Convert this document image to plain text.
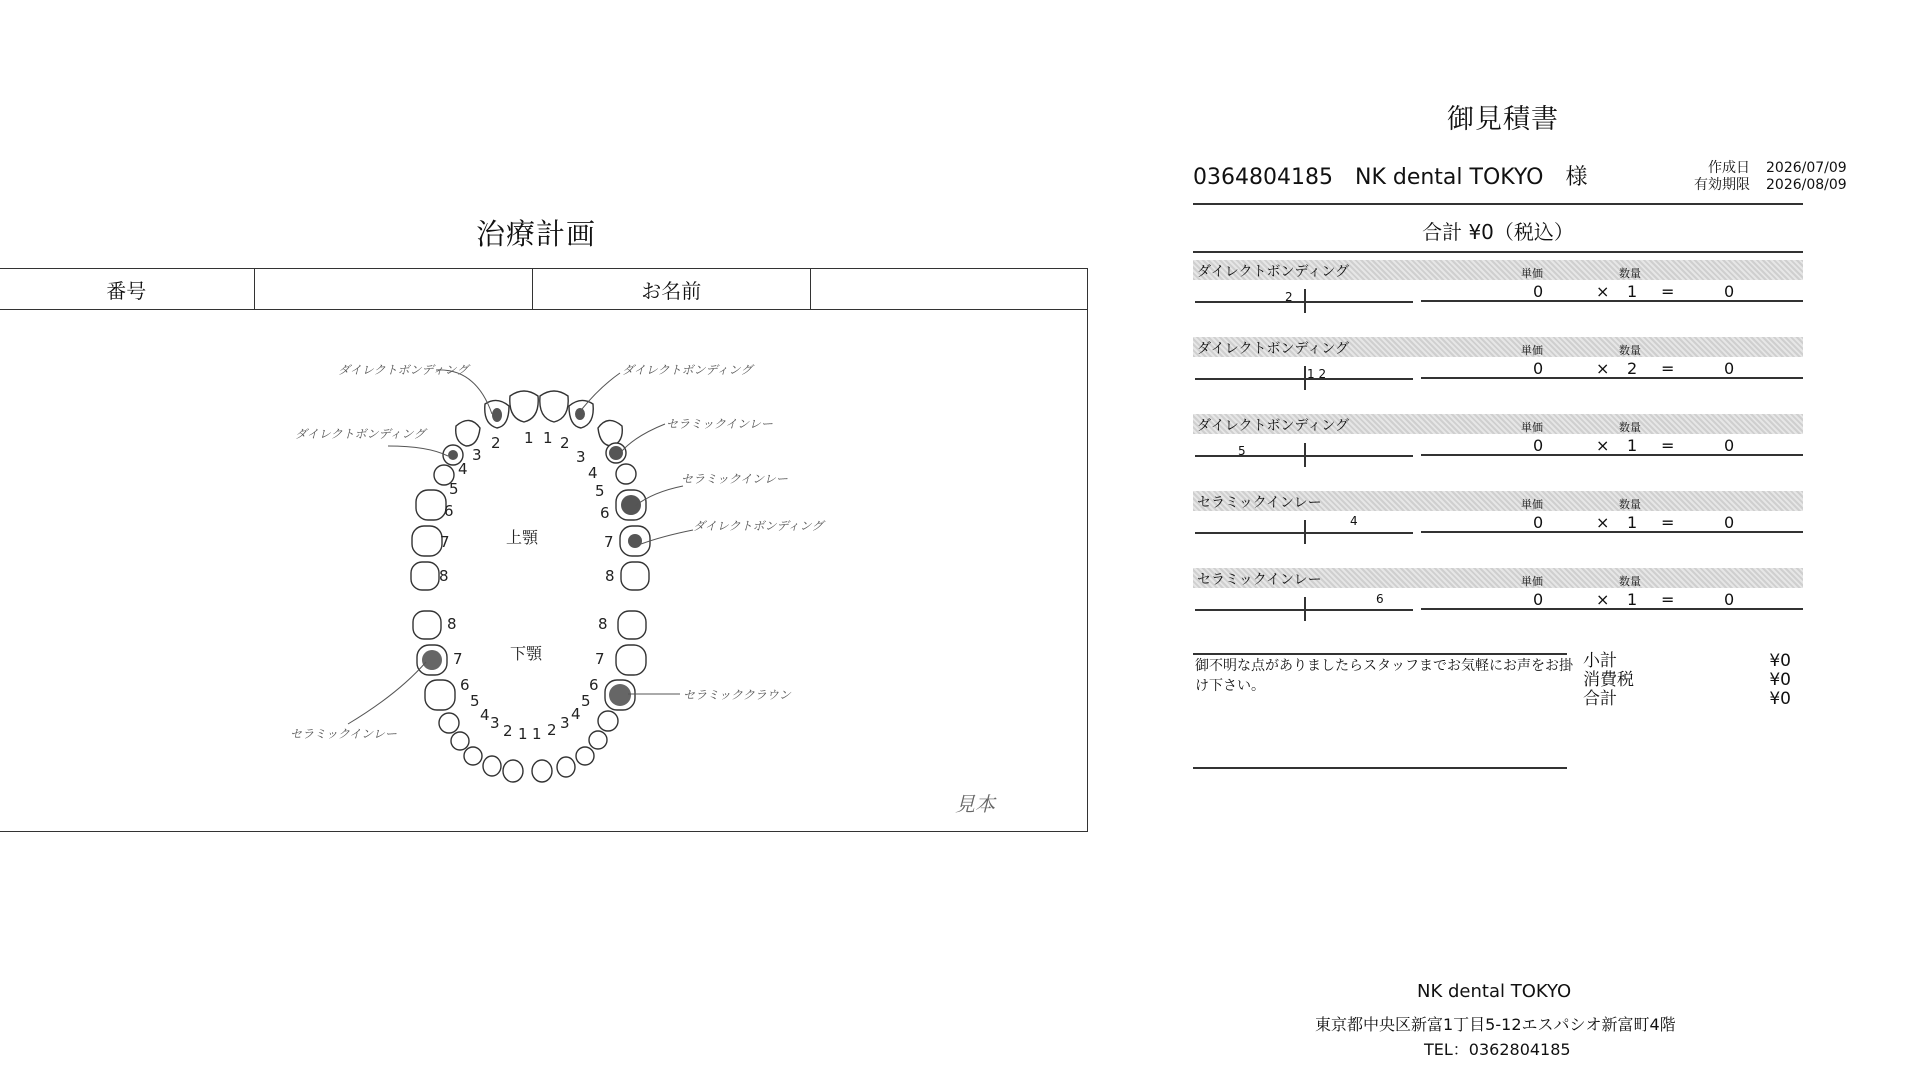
治療計画
番号	お名前
ダイレクトボンディング
ダイレクトボンディング
ダイレクトボンディング
セラミックインレー
セラミックインレー
ダイレクトボンディング
セラミックインレー
セラミッククラウン
2 1
3
4
5
6
7
8
1 2
3
4
5
6
7
8
8
7
6
5
4 3 2 1
8
7
6
5
4
3
2
1
上顎
下顎
見本
御見積書
0364804185 NK dental TOKYO 様	作成日 2026/07/09
有効期限 2026/08/09
合計 ¥0（税込）
ダイレクトボンディング	単価	数量
2	0	× 1 =	0
ダイレクトボンディング	単価	数量
1 2	0	× 2 =	0
ダイレクトボンディング	単価	数量
5	0	× 1 =	0
セラミックインレー	単価	数量
4	0	× 1 =	0
セラミックインレー	単価	数量
6	0	× 1 =	0
御不明な点がありましたらスタッフまでお気軽にお声をお掛け下さい。
小計	¥0
消費税	¥0
合計	¥0
NK dental TOKYO
東京都中央区新富1丁目5-12エスパシオ新富町4階
TEL：0362804185
